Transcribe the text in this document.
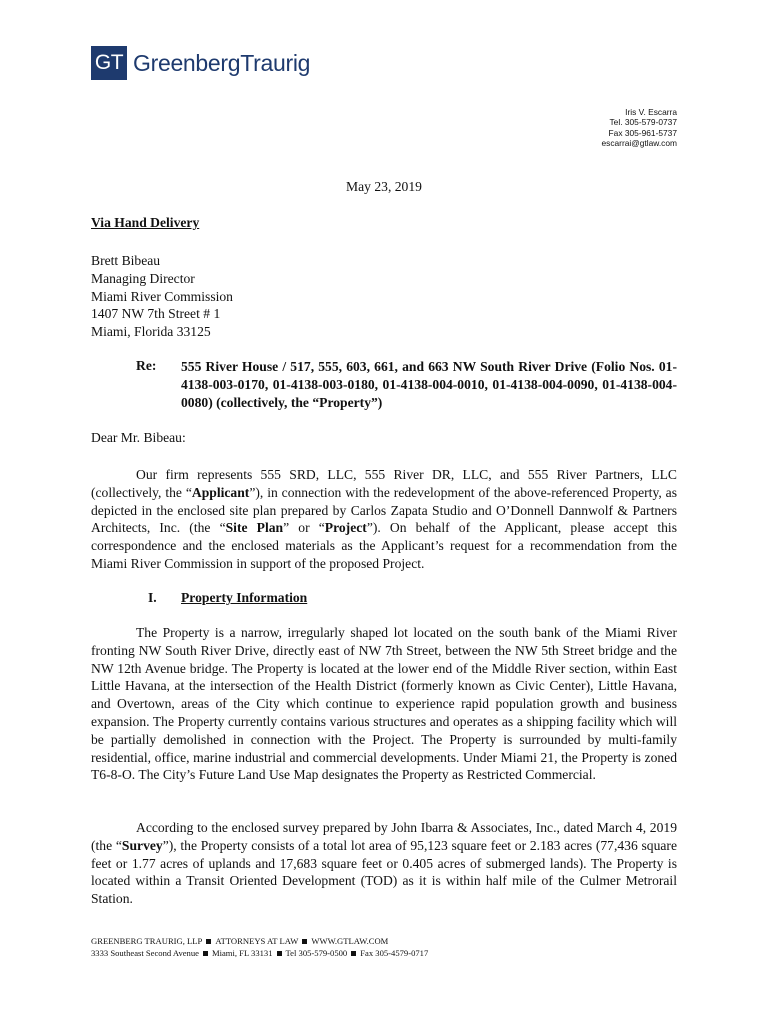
GT GreenbergTraurig
Iris V. Escarra
Tel. 305-579-0737
Fax 305-961-5737
escarrai@gtlaw.com
May 23, 2019
Via Hand Delivery
Brett Bibeau
Managing Director
Miami River Commission
1407 NW 7th Street # 1
Miami, Florida 33125
Re: 555 River House / 517, 555, 603, 661, and 663 NW South River Drive (Folio Nos. 01-4138-003-0170, 01-4138-003-0180, 01-4138-004-0010, 01-4138-004-0090, 01-4138-004-0080) (collectively, the “Property”)
Dear Mr. Bibeau:

Our firm represents 555 SRD, LLC, 555 River DR, LLC, and 555 River Partners, LLC (collectively, the “Applicant”), in connection with the redevelopment of the above-referenced Property, as depicted in the enclosed site plan prepared by Carlos Zapata Studio and O’Donnell Dannwolf & Partners Architects, Inc. (the “Site Plan” or “Project”). On behalf of the Applicant, please accept this correspondence and the enclosed materials as the Applicant’s request for a recommendation from the Miami River Commission in support of the proposed Project.

I. Property Information

The Property is a narrow, irregularly shaped lot located on the south bank of the Miami River fronting NW South River Drive, directly east of NW 7th Street, between the NW 5th Street bridge and the NW 12th Avenue bridge. The Property is located at the lower end of the Middle River section, within East Little Havana, at the intersection of the Health District (formerly known as Civic Center), Little Havana, and Overtown, areas of the City which continue to experience rapid population growth and business expansion. The Property currently contains various structures and operates as a shipping facility which will be partially demolished in connection with the Project. The Property is surrounded by multi-family residential, office, marine industrial and commercial developments. Under Miami 21, the Property is zoned T6-8-O. The City’s Future Land Use Map designates the Property as Restricted Commercial.

According to the enclosed survey prepared by John Ibarra & Associates, Inc., dated March 4, 2019 (the “Survey”), the Property consists of a total lot area of 95,123 square feet or 2.183 acres (77,436 square feet or 1.77 acres of uplands and 17,683 square feet or 0.405 acres of submerged lands). The Property is located within a Transit Oriented Development (TOD) as it is within half mile of the Culmer Metrorail Station.

GREENBERG TRAURIG, LLP ATTORNEYS AT LAW WWW.GTLAW.COM
3333 Southeast Second Avenue Miami, FL 33131 Tel 305-579-0500 Fax 305-4579-0717
